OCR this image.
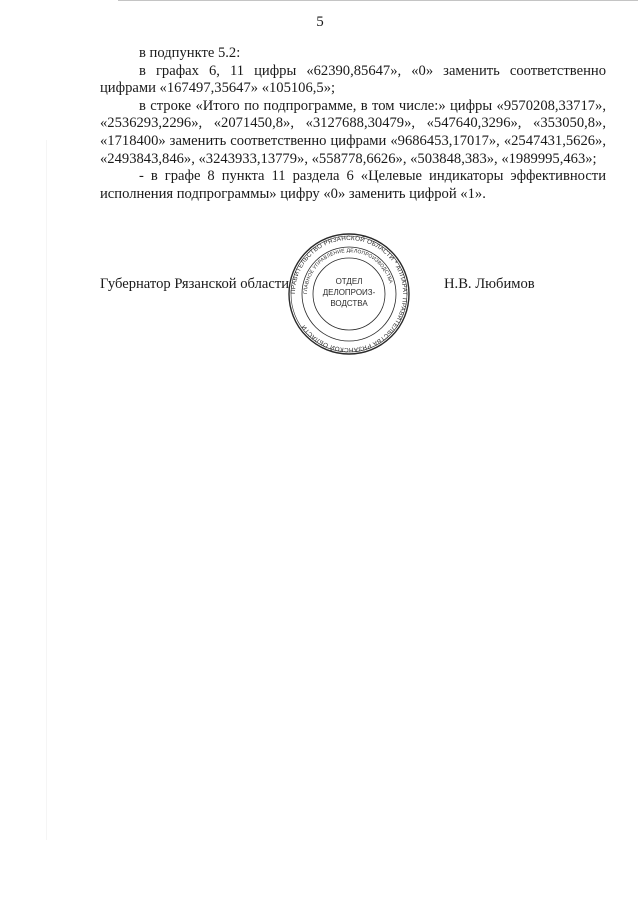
5

в подпункте 5.2:

в графах 6, 11 цифры «62390,85647», «0» заменить соответственно цифрами «167497,35647» «105106,5»;

в строке «Итого по подпрограмме, в том числе:» цифры «9570208,33717», «2536293,2296», «2071450,8», «3127688,30479», «547640,3296», «353050,8», «1718400» заменить соответственно цифрами «9686453,17017», «2547431,5626», «2493843,846», «3243933,13779», «558778,6626», «503848,383», «1989995,463»;

- в графе 8 пункта 11 раздела 6 «Целевые индикаторы эффективности исполнения подпрограммы» цифру «0» заменить цифрой «1».

Губернатор Рязанской области	Н.В. Любимов
ПРАВИТЕЛЬСТВО РЯЗАНСКОЙ ОБЛАСТИ * АППАРАТ ПРАВИТЕЛЬСТВА РЯЗАНСКОЙ ОБЛАСТИ
ГЛАВНОЕ УПРАВЛЕНИЕ ДЕЛОПРОИЗВОДСТВА
ОТДЕЛ
ДЕЛОПРОИЗ-
ВОДСТВА
